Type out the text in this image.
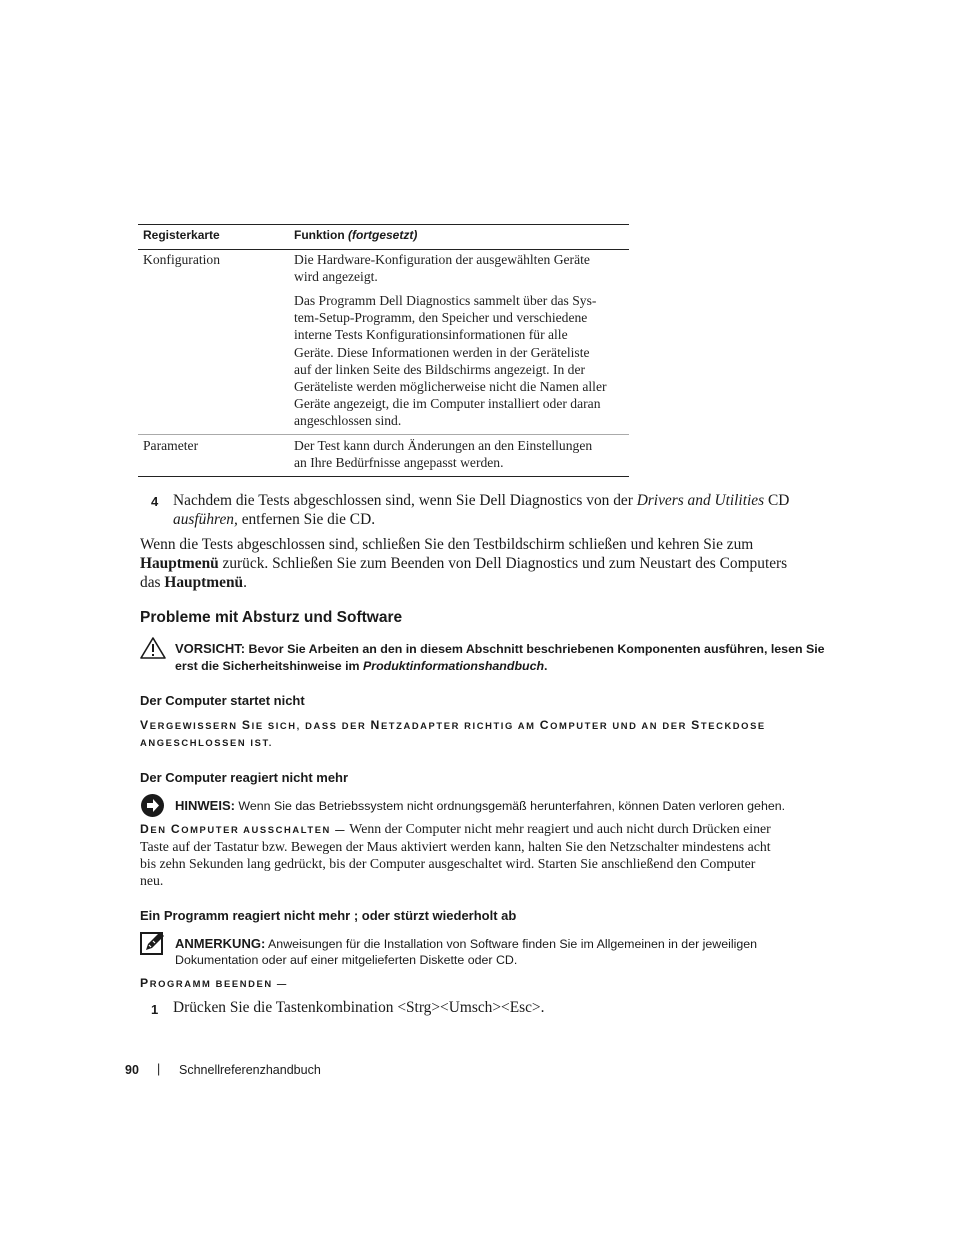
Registerkarte	Funktion (fortgesetzt)
Konfiguration	Die Hardware-Konfiguration der ausgewählten Geräte
wird angezeigt.
Das Programm Dell Diagnostics sammelt über das Sys-
tem-Setup-Programm, den Speicher und verschiedene
interne Tests Konfigurationsinformationen für alle
Geräte. Diese Informationen werden in der Geräteliste
auf der linken Seite des Bildschirms angezeigt. In der
Geräteliste werden möglicherweise nicht die Namen aller
Geräte angezeigt, die im Computer installiert oder daran
angeschlossen sind.
Parameter	Der Test kann durch Änderungen an den Einstellungen
an Ihre Bedürfnisse angepasst werden.
4 Nachdem die Tests abgeschlossen sind, wenn Sie Dell Diagnostics von der Drivers and Utilities CD
ausführen, entfernen Sie die CD.
Wenn die Tests abgeschlossen sind, schließen Sie den Testbildschirm schließen und kehren Sie zum
Hauptmenü zurück. Schließen Sie zum Beenden von Dell Diagnostics und zum Neustart des Computers
das Hauptmenü.
Probleme mit Absturz und Software
VORSICHT: Bevor Sie Arbeiten an den in diesem Abschnitt beschriebenen Komponenten ausführen, lesen Sie
erst die Sicherheitshinweise im Produktinformationshandbuch.
Der Computer startet nicht
VERGEWISSERN SIE SICH, DASS DER NETZADAPTER RICHTIG AM COMPUTER UND AN DER STECKDOSE
ANGESCHLOSSEN IST.
Der Computer reagiert nicht mehr
HINWEIS: Wenn Sie das Betriebssystem nicht ordnungsgemäß herunterfahren, können Daten verloren gehen.
DEN COMPUTER AUSSCHALTEN — Wenn der Computer nicht mehr reagiert und auch nicht durch Drücken einer
Taste auf der Tastatur bzw. Bewegen der Maus aktiviert werden kann, halten Sie den Netzschalter mindestens acht
bis zehn Sekunden lang gedrückt, bis der Computer ausgeschaltet wird. Starten Sie anschließend den Computer
neu.
Ein Programm reagiert nicht mehr ; oder stürzt wiederholt ab
ANMERKUNG: Anweisungen für die Installation von Software finden Sie im Allgemeinen in der jeweiligen
Dokumentation oder auf einer mitgelieferten Diskette oder CD.
PROGRAMM BEENDEN —
1 Drücken Sie die Tastenkombination <Strg><Umsch><Esc>.
90 | Schnellreferenzhandbuch
